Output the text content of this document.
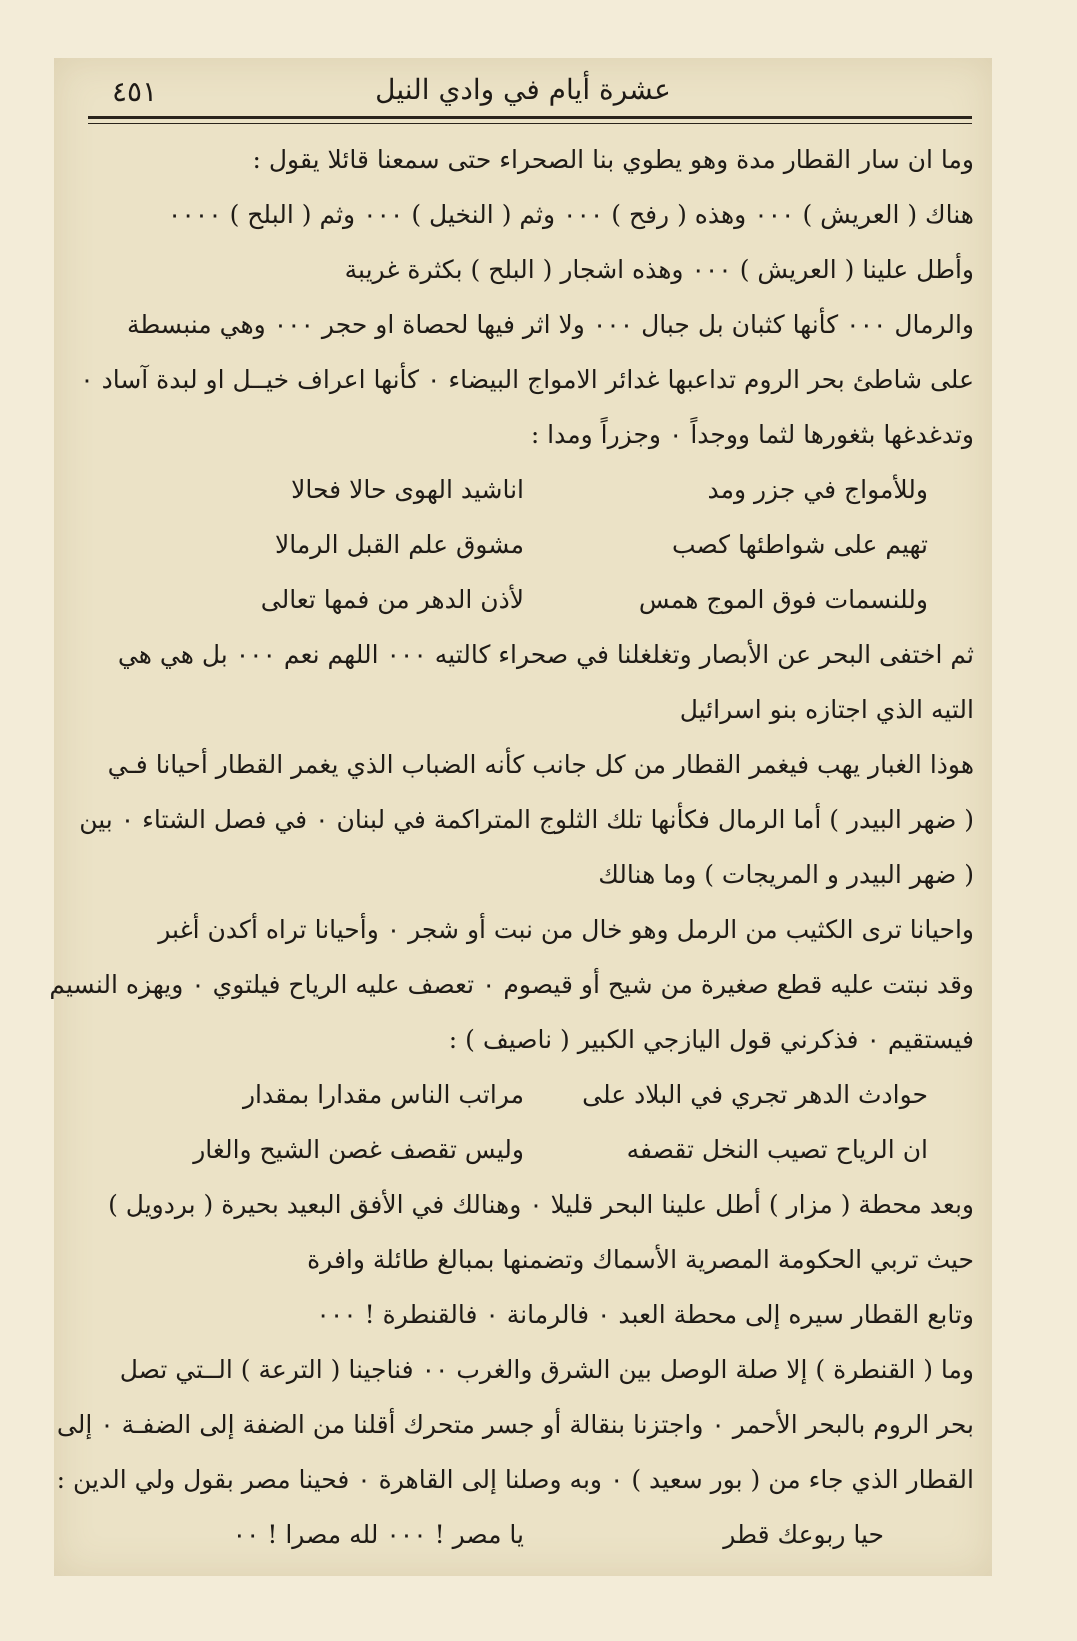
عشرة أيام في وادي النيل
٤٥١
وما ان سار القطار مدة وهو يطوي بنا الصحراء حتى سمعنا قائلا يقول :
هناك ( العريش ) ٠٠٠ وهذه ( رفح ) ٠٠٠ وثم ( النخيل ) ٠٠٠ وثم ( البلح ) ٠٠٠٠
وأطل علينا ( العريش ) ٠٠٠ وهذه اشجار ( البلح ) بكثرة غريبة
والرمال ٠٠٠ كأنها كثبان بل جبال ٠٠٠ ولا اثر فيها لحصاة او حجر ٠٠٠ وهي منبسطة
على شاطئ بحر الروم تداعبها غدائر الامواج البيضاء ٠ كأنها اعراف خيــل او لبدة آساد ٠
وتدغدغها بثغورها لثما ووجداً ٠ وجزراً ومدا :
وللأمواج في جزر ومد
اناشيد الهوى حالا فحالا
تهيم على شواطئها كصب
مشوق علم القبل الرمالا
وللنسمات فوق الموج همس
لأذن الدهر من فمها تعالى
ثم اختفى البحر عن الأبصار وتغلغلنا في صحراء كالتيه ٠٠٠ اللهم نعم ٠٠٠ بل هي هي
التيه الذي اجتازه بنو اسرائيل
هوذا الغبار يهب فيغمر القطار من كل جانب كأنه الضباب الذي يغمر القطار أحيانا فـي
( ضهر البيدر ) أما الرمال فكأنها تلك الثلوج المتراكمة في لبنان ٠ في فصل الشتاء ٠ بين
( ضهر البيدر و المريجات ) وما هنالك
واحيانا ترى الكثيب من الرمل وهو خال من نبت أو شجر ٠ وأحيانا تراه أكدن أغبر
وقد نبتت عليه قطع صغيرة من شيح أو قيصوم ٠ تعصف عليه الرياح فيلتوي ٠ ويهزه النسيم
فيستقيم ٠ فذكرني قول اليازجي الكبير ( ناصيف ) :
حوادث الدهر تجري في البلاد على
مراتب الناس مقدارا بمقدار
ان الرياح تصيب النخل تقصفه
وليس تقصف غصن الشيح والغار
وبعد محطة ( مزار ) أطل علينا البحر قليلا ٠ وهنالك في الأفق البعيد بحيرة ( بردويل )
حيث تربي الحكومة المصرية الأسماك وتضمنها بمبالغ طائلة وافرة
وتابع القطار سيره إلى محطة العبد ٠ فالرمانة ٠ فالقنطرة ! ٠٠٠
وما ( القنطرة ) إلا صلة الوصل بين الشرق والغرب ٠٠ فناجينا ( الترعة ) الــتي تصل
بحر الروم بالبحر الأحمر ٠ واجتزنا بنقالة أو جسر متحرك أقلنا من الضفة إلى الضفـة ٠ إلى
القطار الذي جاء من ( بور سعيد ) ٠ وبه وصلنا إلى القاهرة ٠ فحينا مصر بقول ولي الدين :
حيا ربوعك قطر
يا مصر ! ٠٠٠ لله مصرا ! ٠٠
